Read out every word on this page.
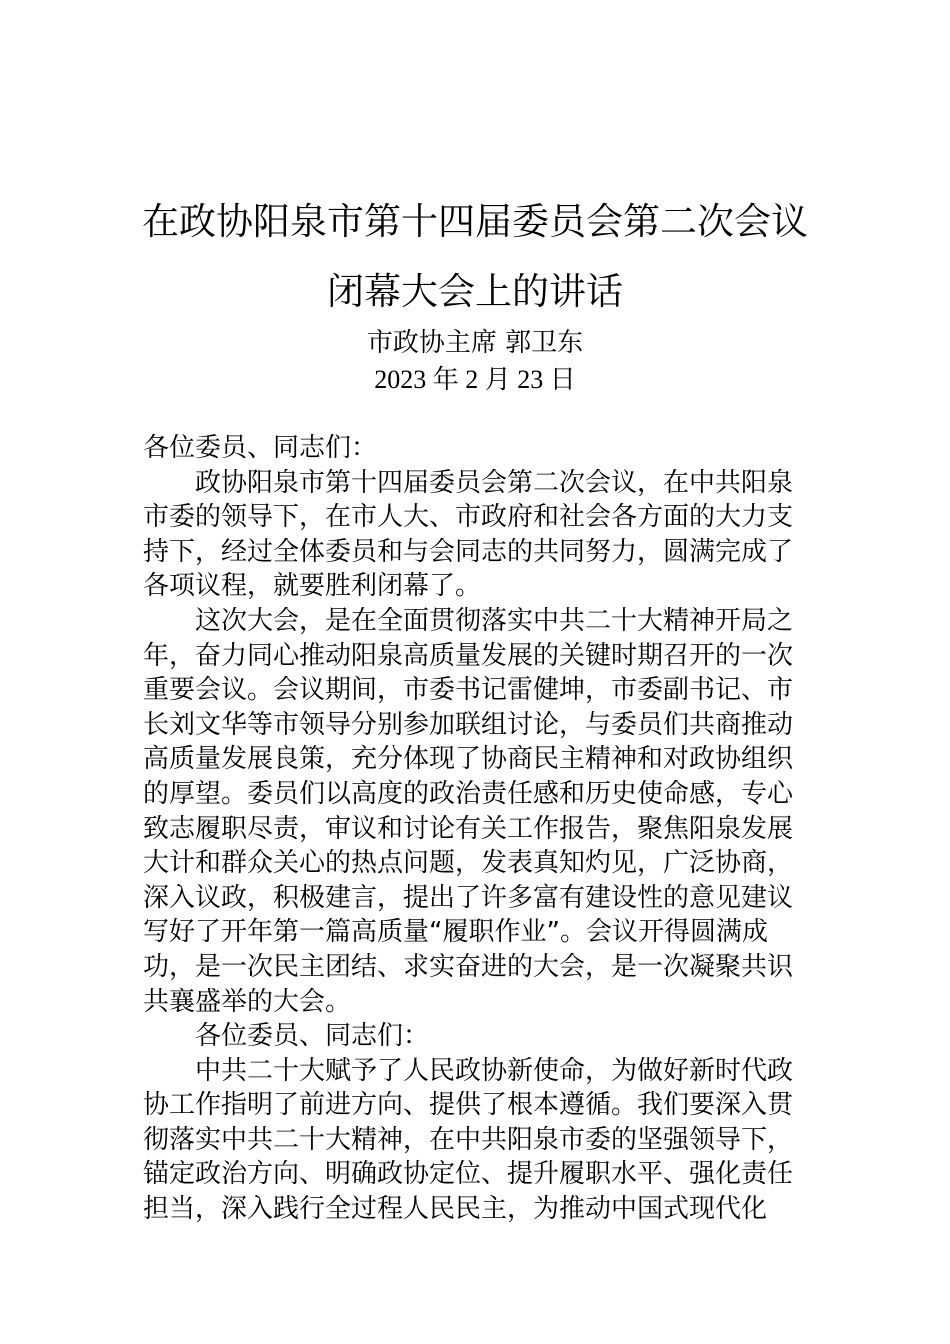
在政协阳泉市第十四届委员会第二次会议
闭幕大会上的讲话
市政协主席 郭卫东
2023 年 2 月 23 日
各位委员、同志们：
政协阳泉市第十四届委员会第二次会议，在中共阳泉
市委的领导下，在市人大、市政府和社会各方面的大力支
持下，经过全体委员和与会同志的共同努力，圆满完成了
各项议程，就要胜利闭幕了。
这次大会，是在全面贯彻落实中共二十大精神开局之
年，奋力同心推动阳泉高质量发展的关键时期召开的一次
重要会议。会议期间，市委书记雷健坤，市委副书记、市
长刘文华等市领导分别参加联组讨论，与委员们共商推动
高质量发展良策，充分体现了协商民主精神和对政协组织
的厚望。委员们以高度的政治责任感和历史使命感，专心
致志履职尽责，审议和讨论有关工作报告，聚焦阳泉发展
大计和群众关心的热点问题，发表真知灼见，广泛协商，
深入议政，积极建言，提出了许多富有建设性的意见建议
写好了开年第一篇高质量“履职作业”。会议开得圆满成
功，是一次民主团结、求实奋进的大会，是一次凝聚共识
共襄盛举的大会。
各位委员、同志们：
中共二十大赋予了人民政协新使命，为做好新时代政
协工作指明了前进方向、提供了根本遵循。我们要深入贯
彻落实中共二十大精神，在中共阳泉市委的坚强领导下，
锚定政治方向、明确政协定位、提升履职水平、强化责任
担当，深入践行全过程人民民主，为推动中国式现代化
